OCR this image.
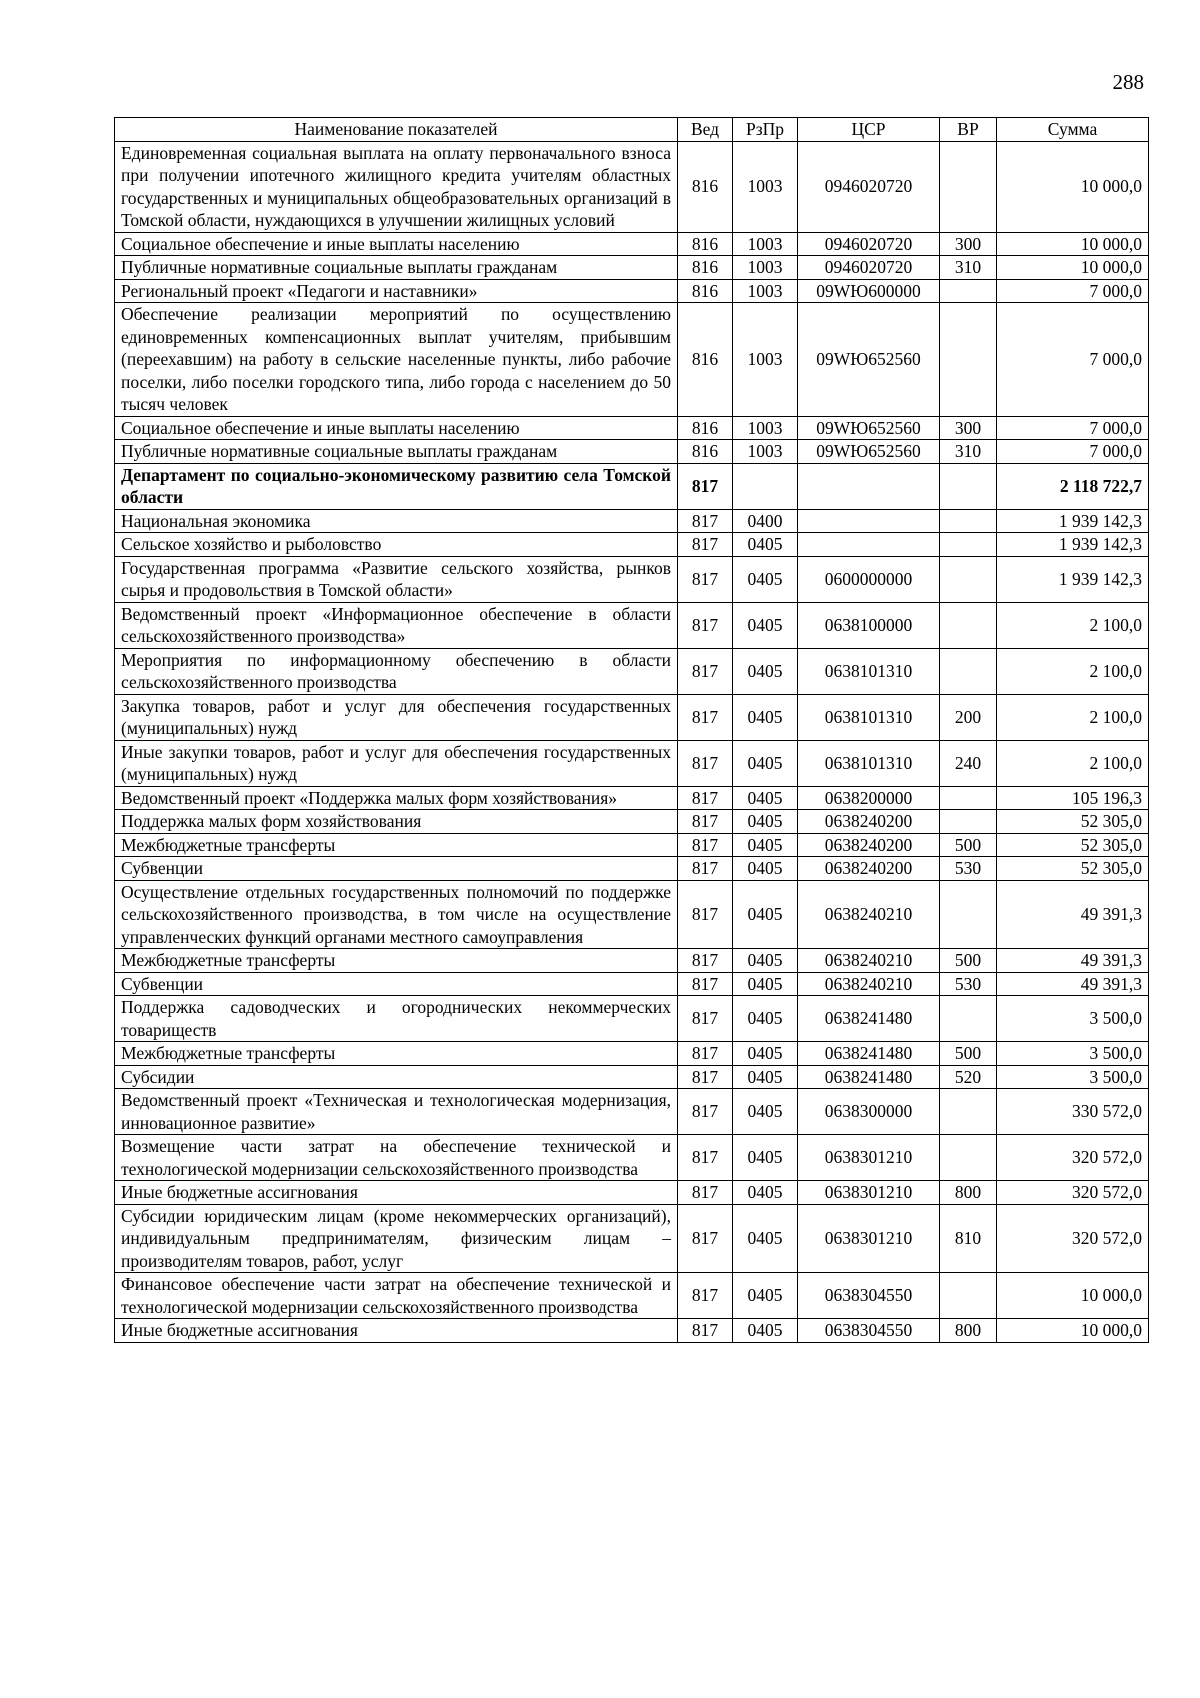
288
Наименование показателей	Вед	РзПр	ЦСР	ВР	Сумма
Единовременная социальная выплата на оплату первоначального взноса при получении ипотечного жилищного кредита учителям областных государственных и муниципальных общеобразовательных организаций в Томской области, нуждающихся в улучшении жилищных условий	816	1003	0946020720		10 000,0
Социальное обеспечение и иные выплаты населению	816	1003	0946020720	300	10 000,0
Публичные нормативные социальные выплаты гражданам	816	1003	0946020720	310	10 000,0
Региональный проект «Педагоги и наставники»	816	1003	09WЮ600000		7 000,0
Обеспечение реализации мероприятий по осуществлению единовременных компенсационных выплат учителям, прибывшим (переехавшим) на работу в сельские населенные пункты, либо рабочие поселки, либо поселки городского типа, либо города с населением до 50 тысяч человек	816	1003	09WЮ652560		7 000,0
Социальное обеспечение и иные выплаты населению	816	1003	09WЮ652560	300	7 000,0
Публичные нормативные социальные выплаты гражданам	816	1003	09WЮ652560	310	7 000,0
Департамент по социально-экономическому развитию села Томской области	817				2 118 722,7
Национальная экономика	817	0400			1 939 142,3
Сельское хозяйство и рыболовство	817	0405			1 939 142,3
Государственная программа «Развитие сельского хозяйства, рынков сырья и продовольствия в Томской области»	817	0405	0600000000		1 939 142,3
Ведомственный проект «Информационное обеспечение в области сельскохозяйственного производства»	817	0405	0638100000		2 100,0
Мероприятия по информационному обеспечению в области сельскохозяйственного производства	817	0405	0638101310		2 100,0
Закупка товаров, работ и услуг для обеспечения государственных (муниципальных) нужд	817	0405	0638101310	200	2 100,0
Иные закупки товаров, работ и услуг для обеспечения государственных (муниципальных) нужд	817	0405	0638101310	240	2 100,0
Ведомственный проект «Поддержка малых форм хозяйствования»	817	0405	0638200000		105 196,3
Поддержка малых форм хозяйствования	817	0405	0638240200		52 305,0
Межбюджетные трансферты	817	0405	0638240200	500	52 305,0
Субвенции	817	0405	0638240200	530	52 305,0
Осуществление отдельных государственных полномочий по поддержке сельскохозяйственного производства, в том числе на осуществление управленческих функций органами местного самоуправления	817	0405	0638240210		49 391,3
Межбюджетные трансферты	817	0405	0638240210	500	49 391,3
Субвенции	817	0405	0638240210	530	49 391,3
Поддержка садоводческих и огороднических некоммерческих товариществ	817	0405	0638241480		3 500,0
Межбюджетные трансферты	817	0405	0638241480	500	3 500,0
Субсидии	817	0405	0638241480	520	3 500,0
Ведомственный проект «Техническая и технологическая модернизация, инновационное развитие»	817	0405	0638300000		330 572,0
Возмещение части затрат на обеспечение технической и технологической модернизации сельскохозяйственного производства	817	0405	0638301210		320 572,0
Иные бюджетные ассигнования	817	0405	0638301210	800	320 572,0
Субсидии юридическим лицам (кроме некоммерческих организаций), индивидуальным предпринимателям, физическим лицам – производителям товаров, работ, услуг	817	0405	0638301210	810	320 572,0
Финансовое обеспечение части затрат на обеспечение технической и технологической модернизации сельскохозяйственного производства	817	0405	0638304550		10 000,0
Иные бюджетные ассигнования	817	0405	0638304550	800	10 000,0
